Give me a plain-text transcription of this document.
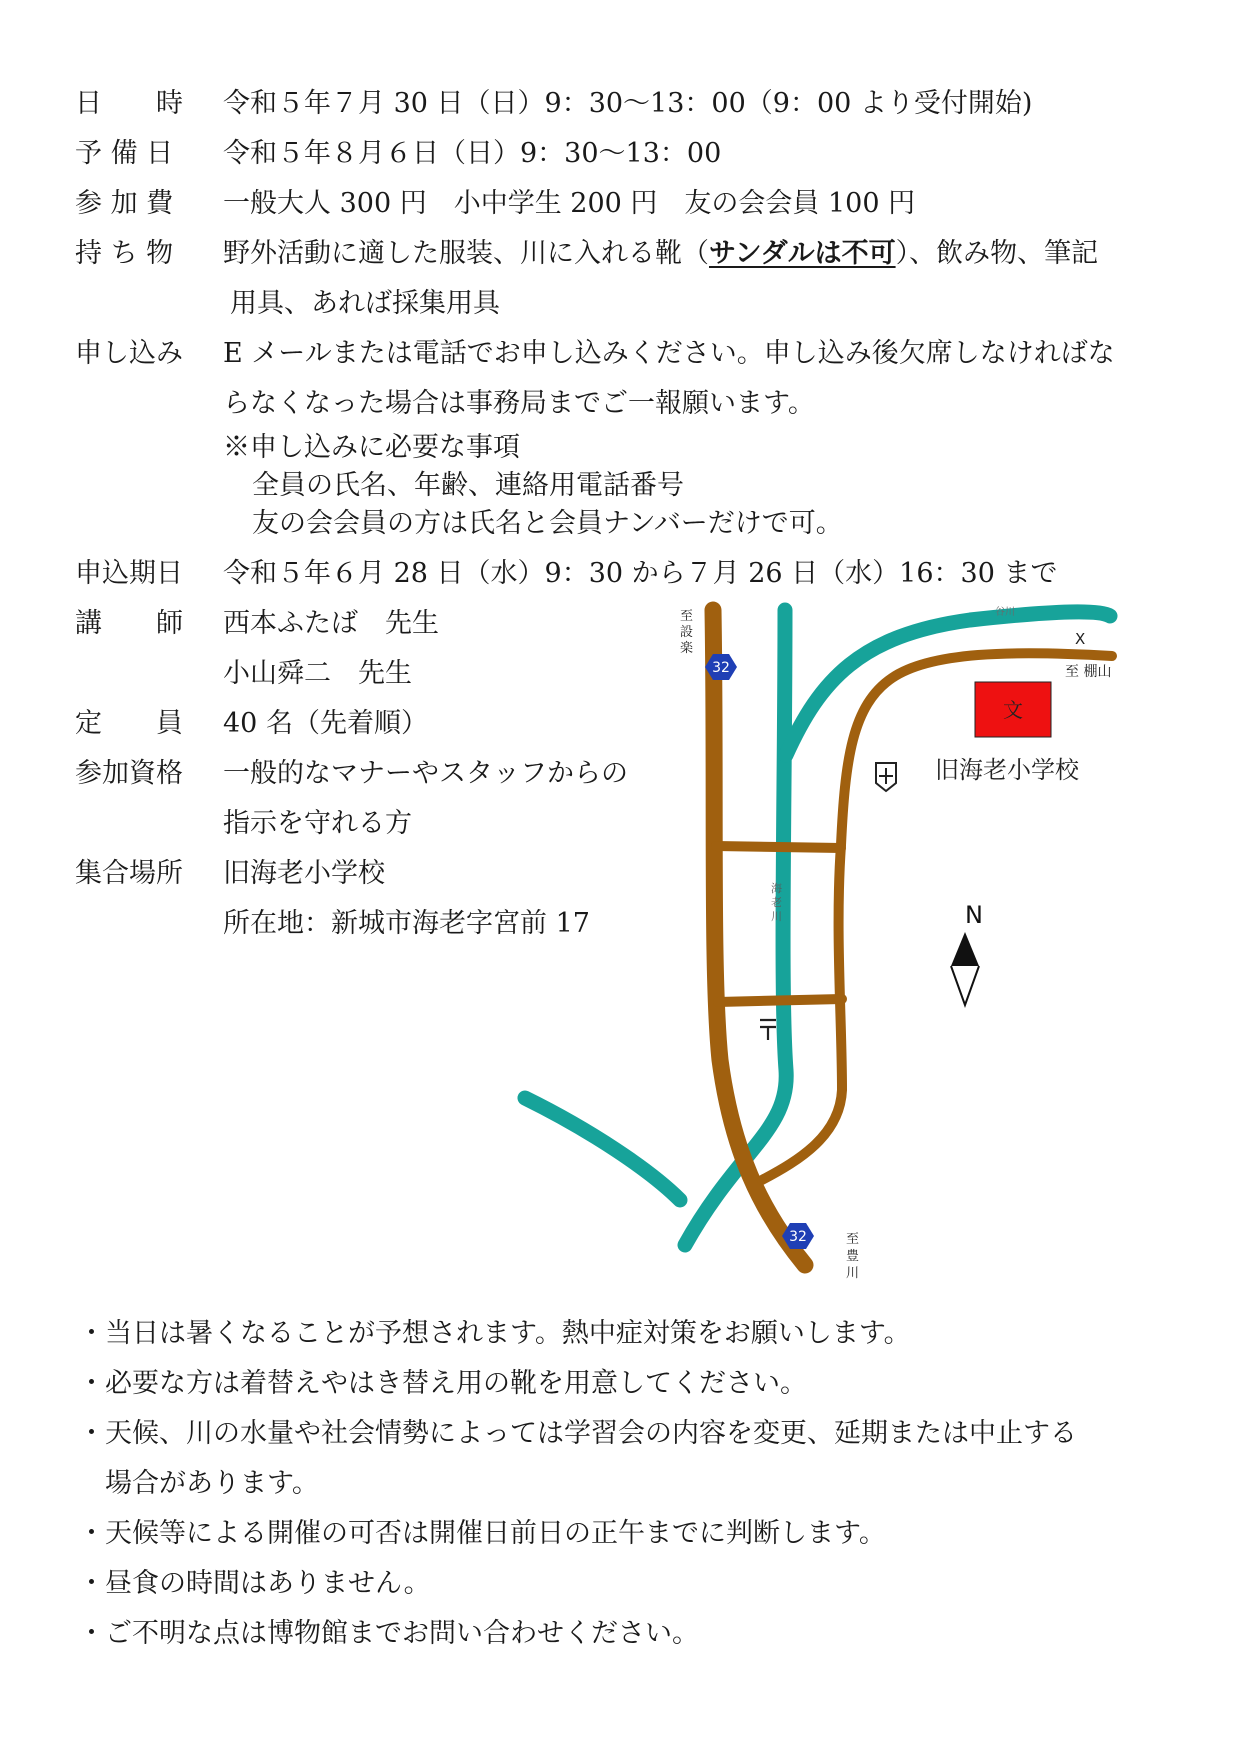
日　　時	令和５年７月 30 日（日）9：30～13：00（9：00 より受付開始)
予 備 日	令和５年８月６日（日）9：30～13：00
参 加 費	一般大人 300 円　小中学生 200 円　友の会会員 100 円
持 ち 物	野外活動に適した服装、川に入れる靴（サンダルは不可）、飲み物、筆記
用具、あれば採集用具
申し込み	E メールまたは電話でお申し込みください。申し込み後欠席しなければな
らなくなった場合は事務局までご一報願います。
※申し込みに必要な事項
全員の氏名、年齢、連絡用電話番号
友の会会員の方は氏名と会員ナンバーだけで可。
申込期日	令和５年６月 28 日（水）9：30 から７月 26 日（水）16：30 まで
講　　師	西本ふたば　先生
小山舜二　先生
定　　員	40 名（先着順）
参加資格	一般的なマナーやスタッフからの
指示を守れる方
集合場所	旧海老小学校
所在地：新城市海老字宮前 17
32
32
至
設
楽
谷川
X
至 棚山
海
老
川
至
豊
川
文
旧海老小学校
N
・当日は暑くなることが予想されます。熱中症対策をお願いします。
・必要な方は着替えやはき替え用の靴を用意してください。
・天候、川の水量や社会情勢によっては学習会の内容を変更、延期または中止する
場合があります。
・天候等による開催の可否は開催日前日の正午までに判断します。
・昼食の時間はありません。
・ご不明な点は博物館までお問い合わせください。
